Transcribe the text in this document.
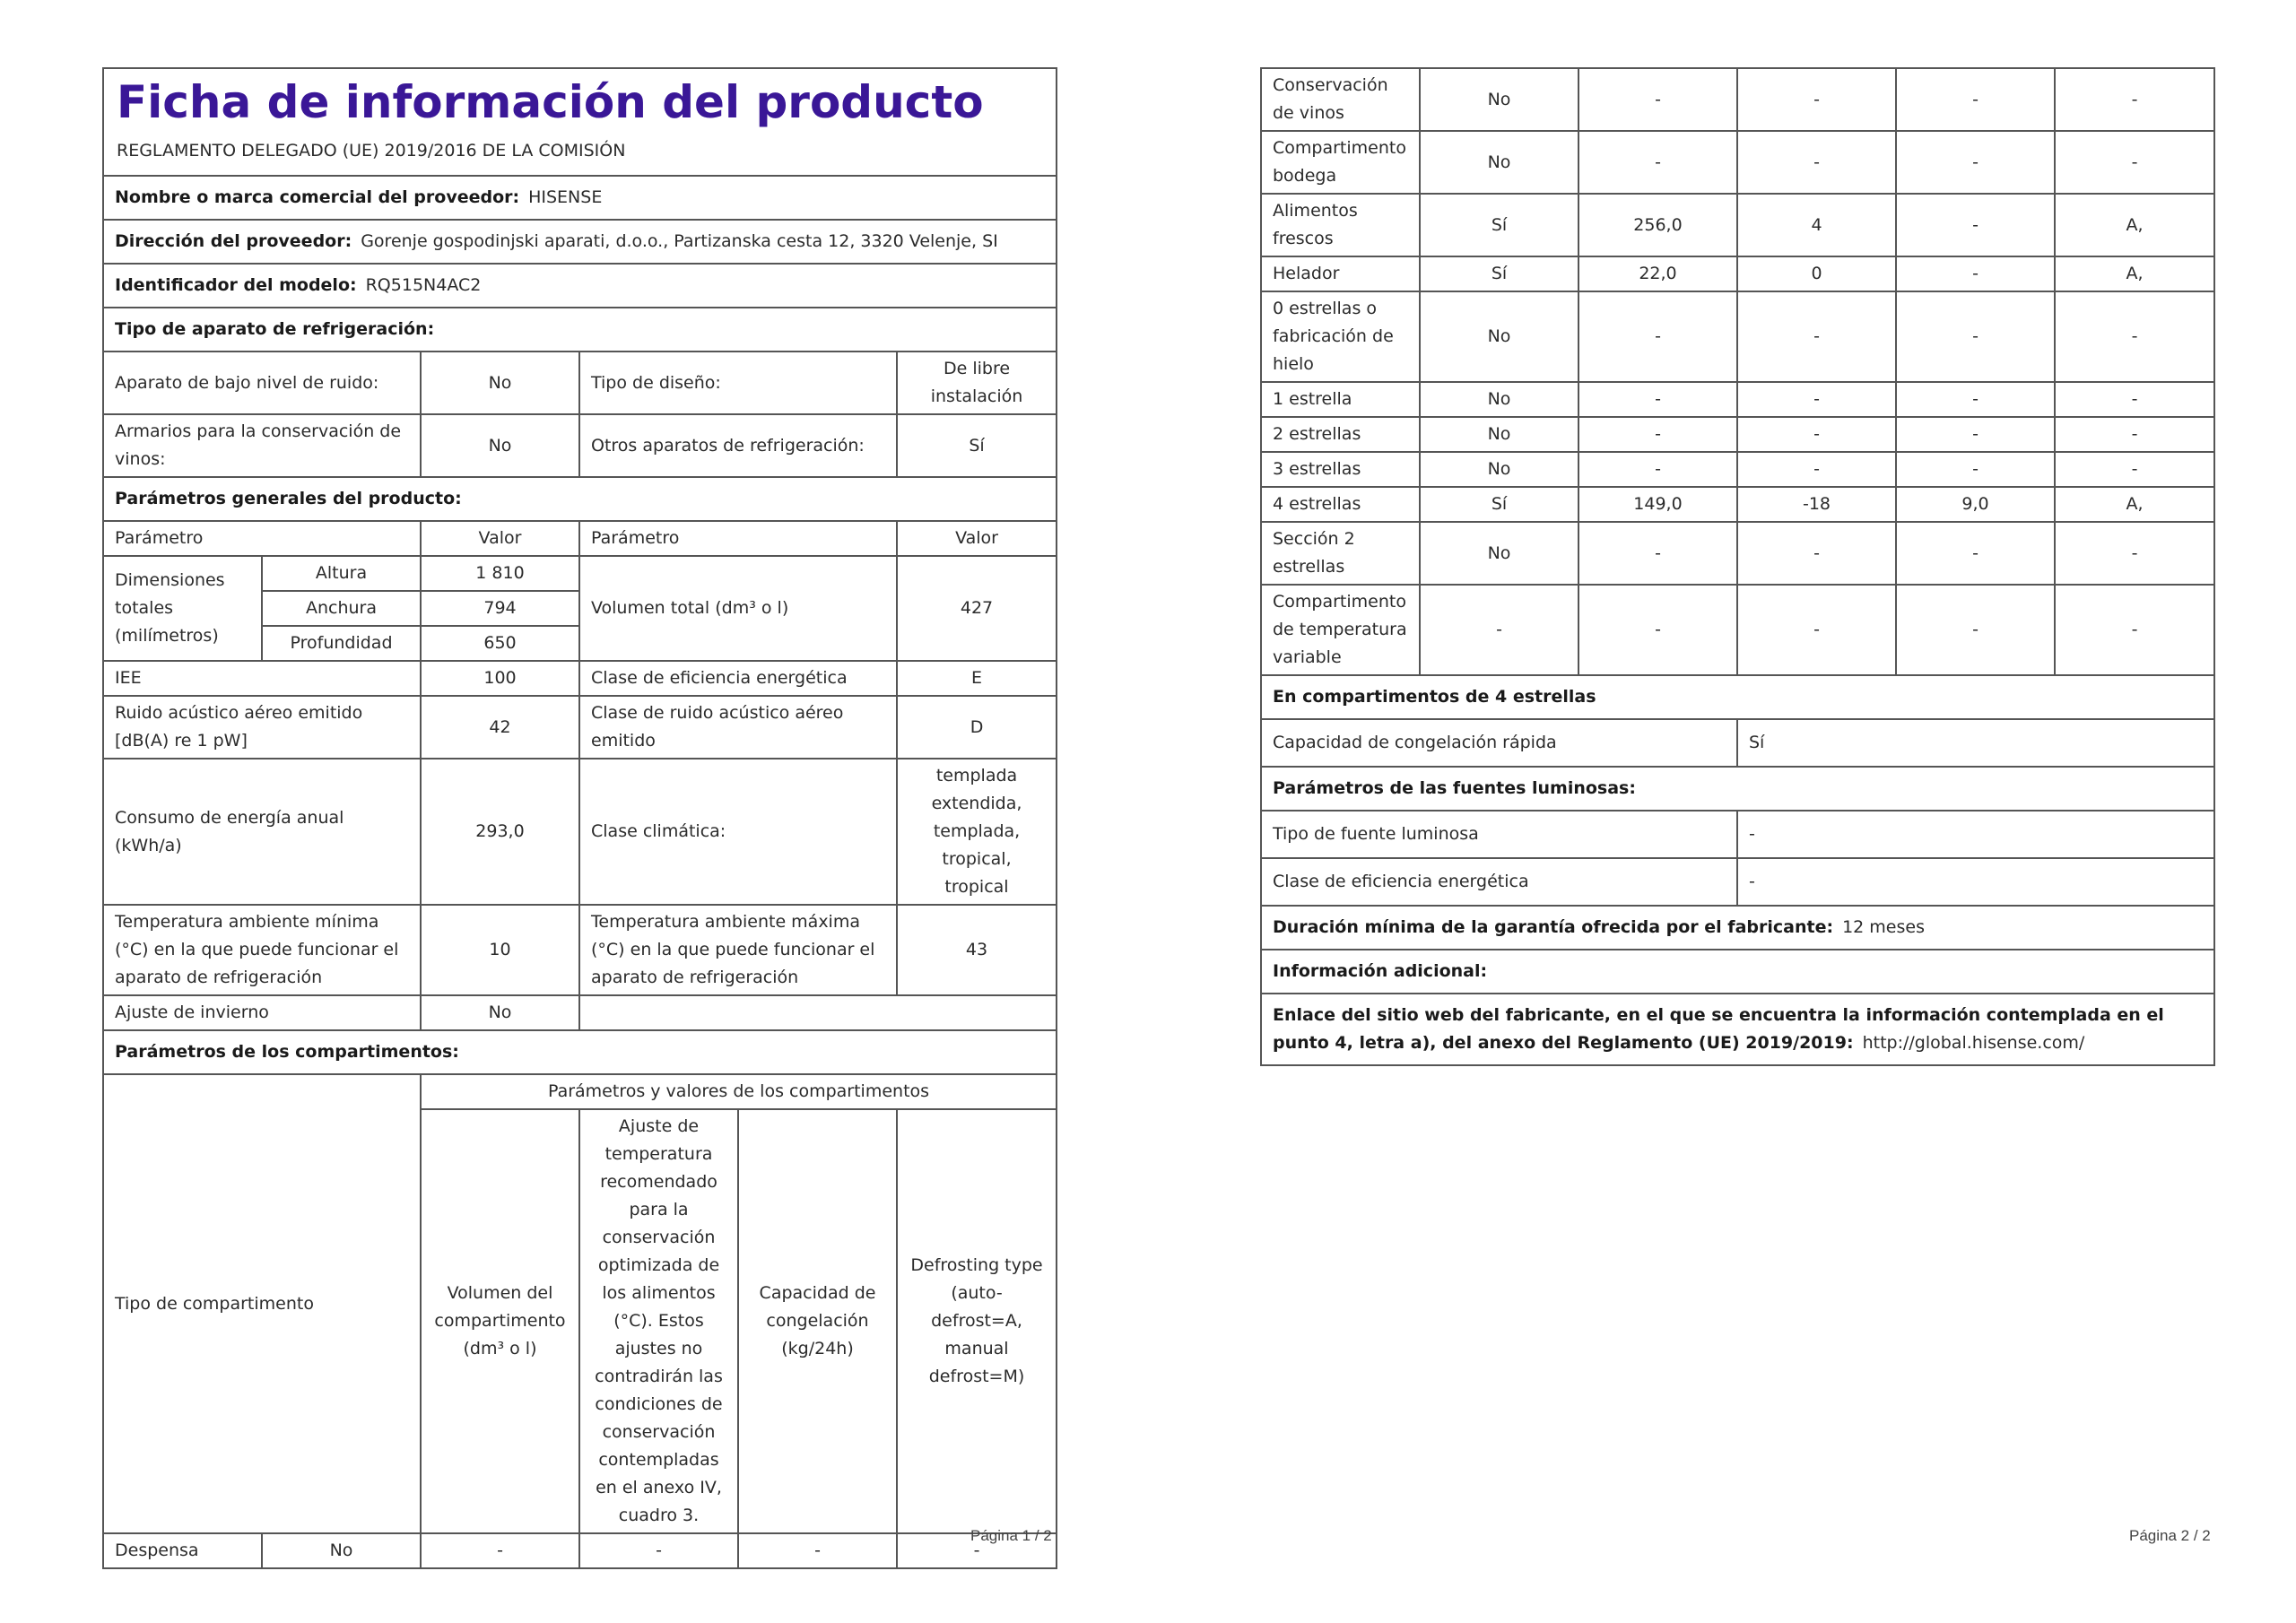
Ficha de información del producto
REGLAMENTO DELEGADO (UE) 2019/2016 DE LA COMISIÓN					

Nombre o marca comercial del proveedor: HISENSE					
Dirección del proveedor: Gorenje gospodinjski aparati, d.o.o., Partizanska cesta 12, 3320 Velenje, SI					
Identificador del modelo: RQ515N4AC2					
Tipo de aparato de refrigeración:					
Aparato de bajo nivel de ruido:		No	Tipo de diseño:		De libre instalación
Armarios para la conservación de vinos:		No	Otros aparatos de refrigeración:		Sí
Parámetros generales del producto:					
Parámetro		Valor	Parámetro		Valor
Dimensiones totales (milímetros)	Altura	1 810	Volumen total (dm³ o l)		427
	Anchura	794			
	Profundidad	650			
IEE		100	Clase de eficiencia energética		E
Ruido acústico aéreo emitido [dB(A) re 1 pW]		42	Clase de ruido acústico aéreo emitido		D
Consumo de energía anual (kWh/a)		293,0	Clase climática:		templada extendida, templada, tropical, tropical
Temperatura ambiente mínima (°C) en la que puede funcionar el aparato de refrigeración		10	Temperatura ambiente máxima (°C) en la que puede funcionar el aparato de refrigeración		43
Ajuste de invierno		No			
Parámetros de los compartimentos:					
Tipo de compartimento		Parámetros y valores de los compartimentos			
		Volumen del compartimento (dm³ o l)	Ajuste de temperatura recomendado para la conservación optimizada de los alimentos (°C). Estos ajustes no contradirán las condiciones de conservación contempladas en el anexo IV, cuadro 3.	Capacidad de congelación (kg/24h)	Defrosting type (auto-defrost=A, manual defrost=M)
Despensa	No	-	-	-	-
Página 1 / 2
Conservación de vinos	No	-	-	-	-
Compartimento bodega	No	-	-	-	-
Alimentos frescos	Sí	256,0	4	-	A,
Helador	Sí	22,0	0	-	A,
0 estrellas o fabricación de hielo	No	-	-	-	-
1 estrella	No	-	-	-	-
2 estrellas	No	-	-	-	-
3 estrellas	No	-	-	-	-
4 estrellas	Sí	149,0	-18	9,0	A,
Sección 2 estrellas	No	-	-	-	-
Compartimento de temperatura variable	-	-	-	-	-
En compartimentos de 4 estrellas					
Capacidad de congelación rápida			Sí		
Parámetros de las fuentes luminosas:					
Tipo de fuente luminosa			-		
Clase de eficiencia energética			-		
Duración mínima de la garantía ofrecida por el fabricante: 12 meses					
Información adicional:					
Enlace del sitio web del fabricante, en el que se encuentra la información contemplada en el punto 4, letra a), del anexo del Reglamento (UE) 2019/2019: http://global.hisense.com/					
Página 2 / 2
